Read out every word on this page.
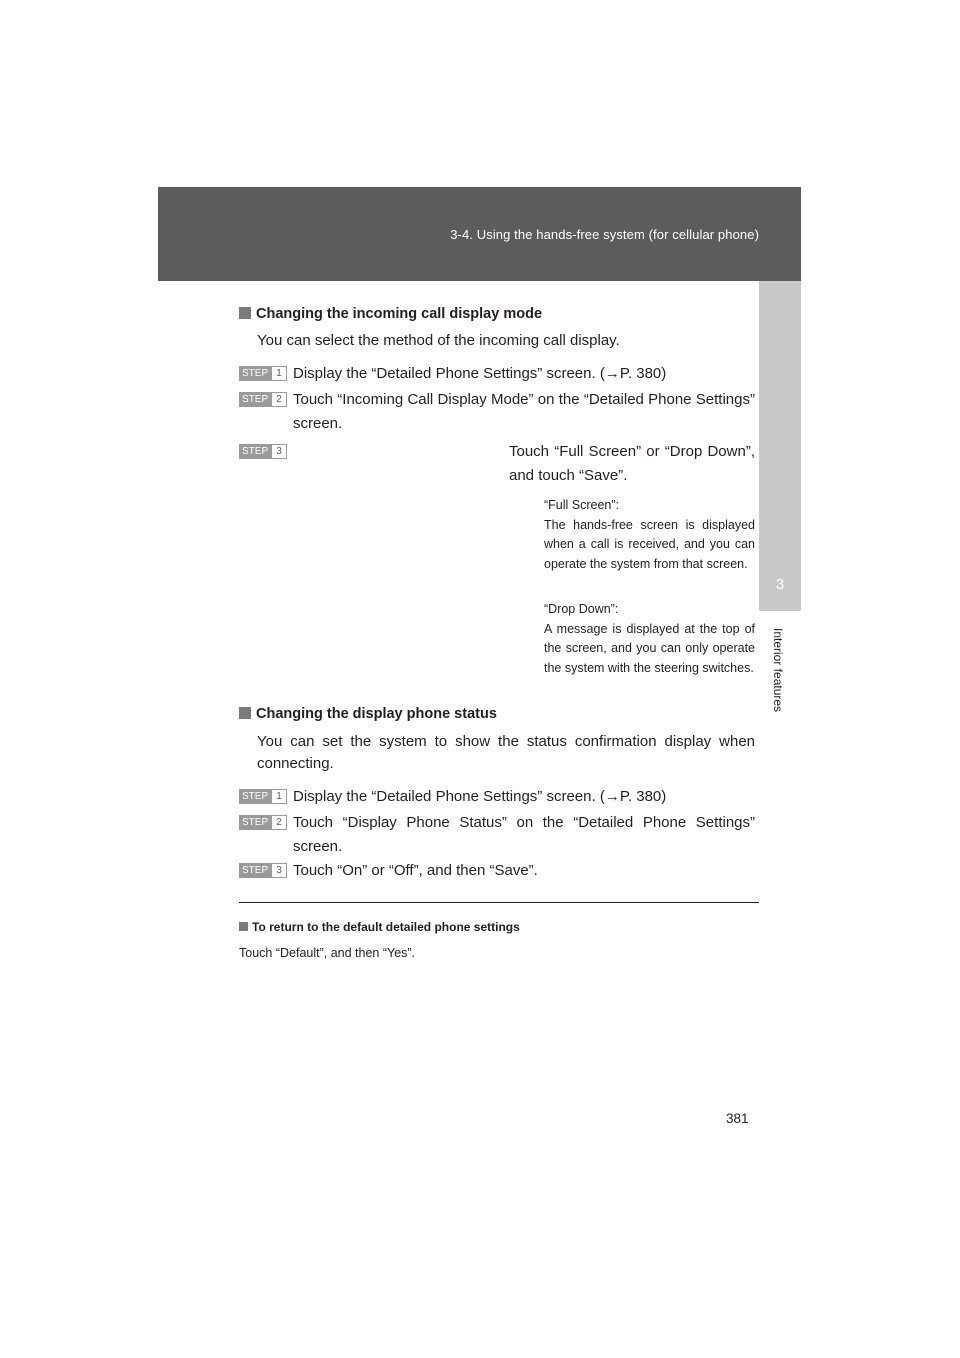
3-4. Using the hands-free system (for cellular phone)
3
Interior features
Changing the incoming call display mode
You can select the method of the incoming call display.
STEP 1 Display the “Detailed Phone Settings” screen. (→P. 380)
STEP 2 Touch “Incoming Call Display Mode” on the “Detailed Phone Settings” screen.
STEP 3	Touch “Full Screen” or “Drop Down”, and touch “Save”.
“Full Screen”:
The hands-free screen is displayed when a call is received, and you can operate the system from that screen.
“Drop Down”:
A message is displayed at the top of the screen, and you can only operate the system with the steering switches.
Changing the display phone status
You can set the system to show the status confirmation display when connecting.
STEP 1 Display the “Detailed Phone Settings” screen. (→P. 380)
STEP 2 Touch “Display Phone Status” on the “Detailed Phone Settings” screen.
STEP 3 Touch “On” or “Off”, and then “Save”.
To return to the default detailed phone settings
Touch “Default”, and then “Yes”.
381
